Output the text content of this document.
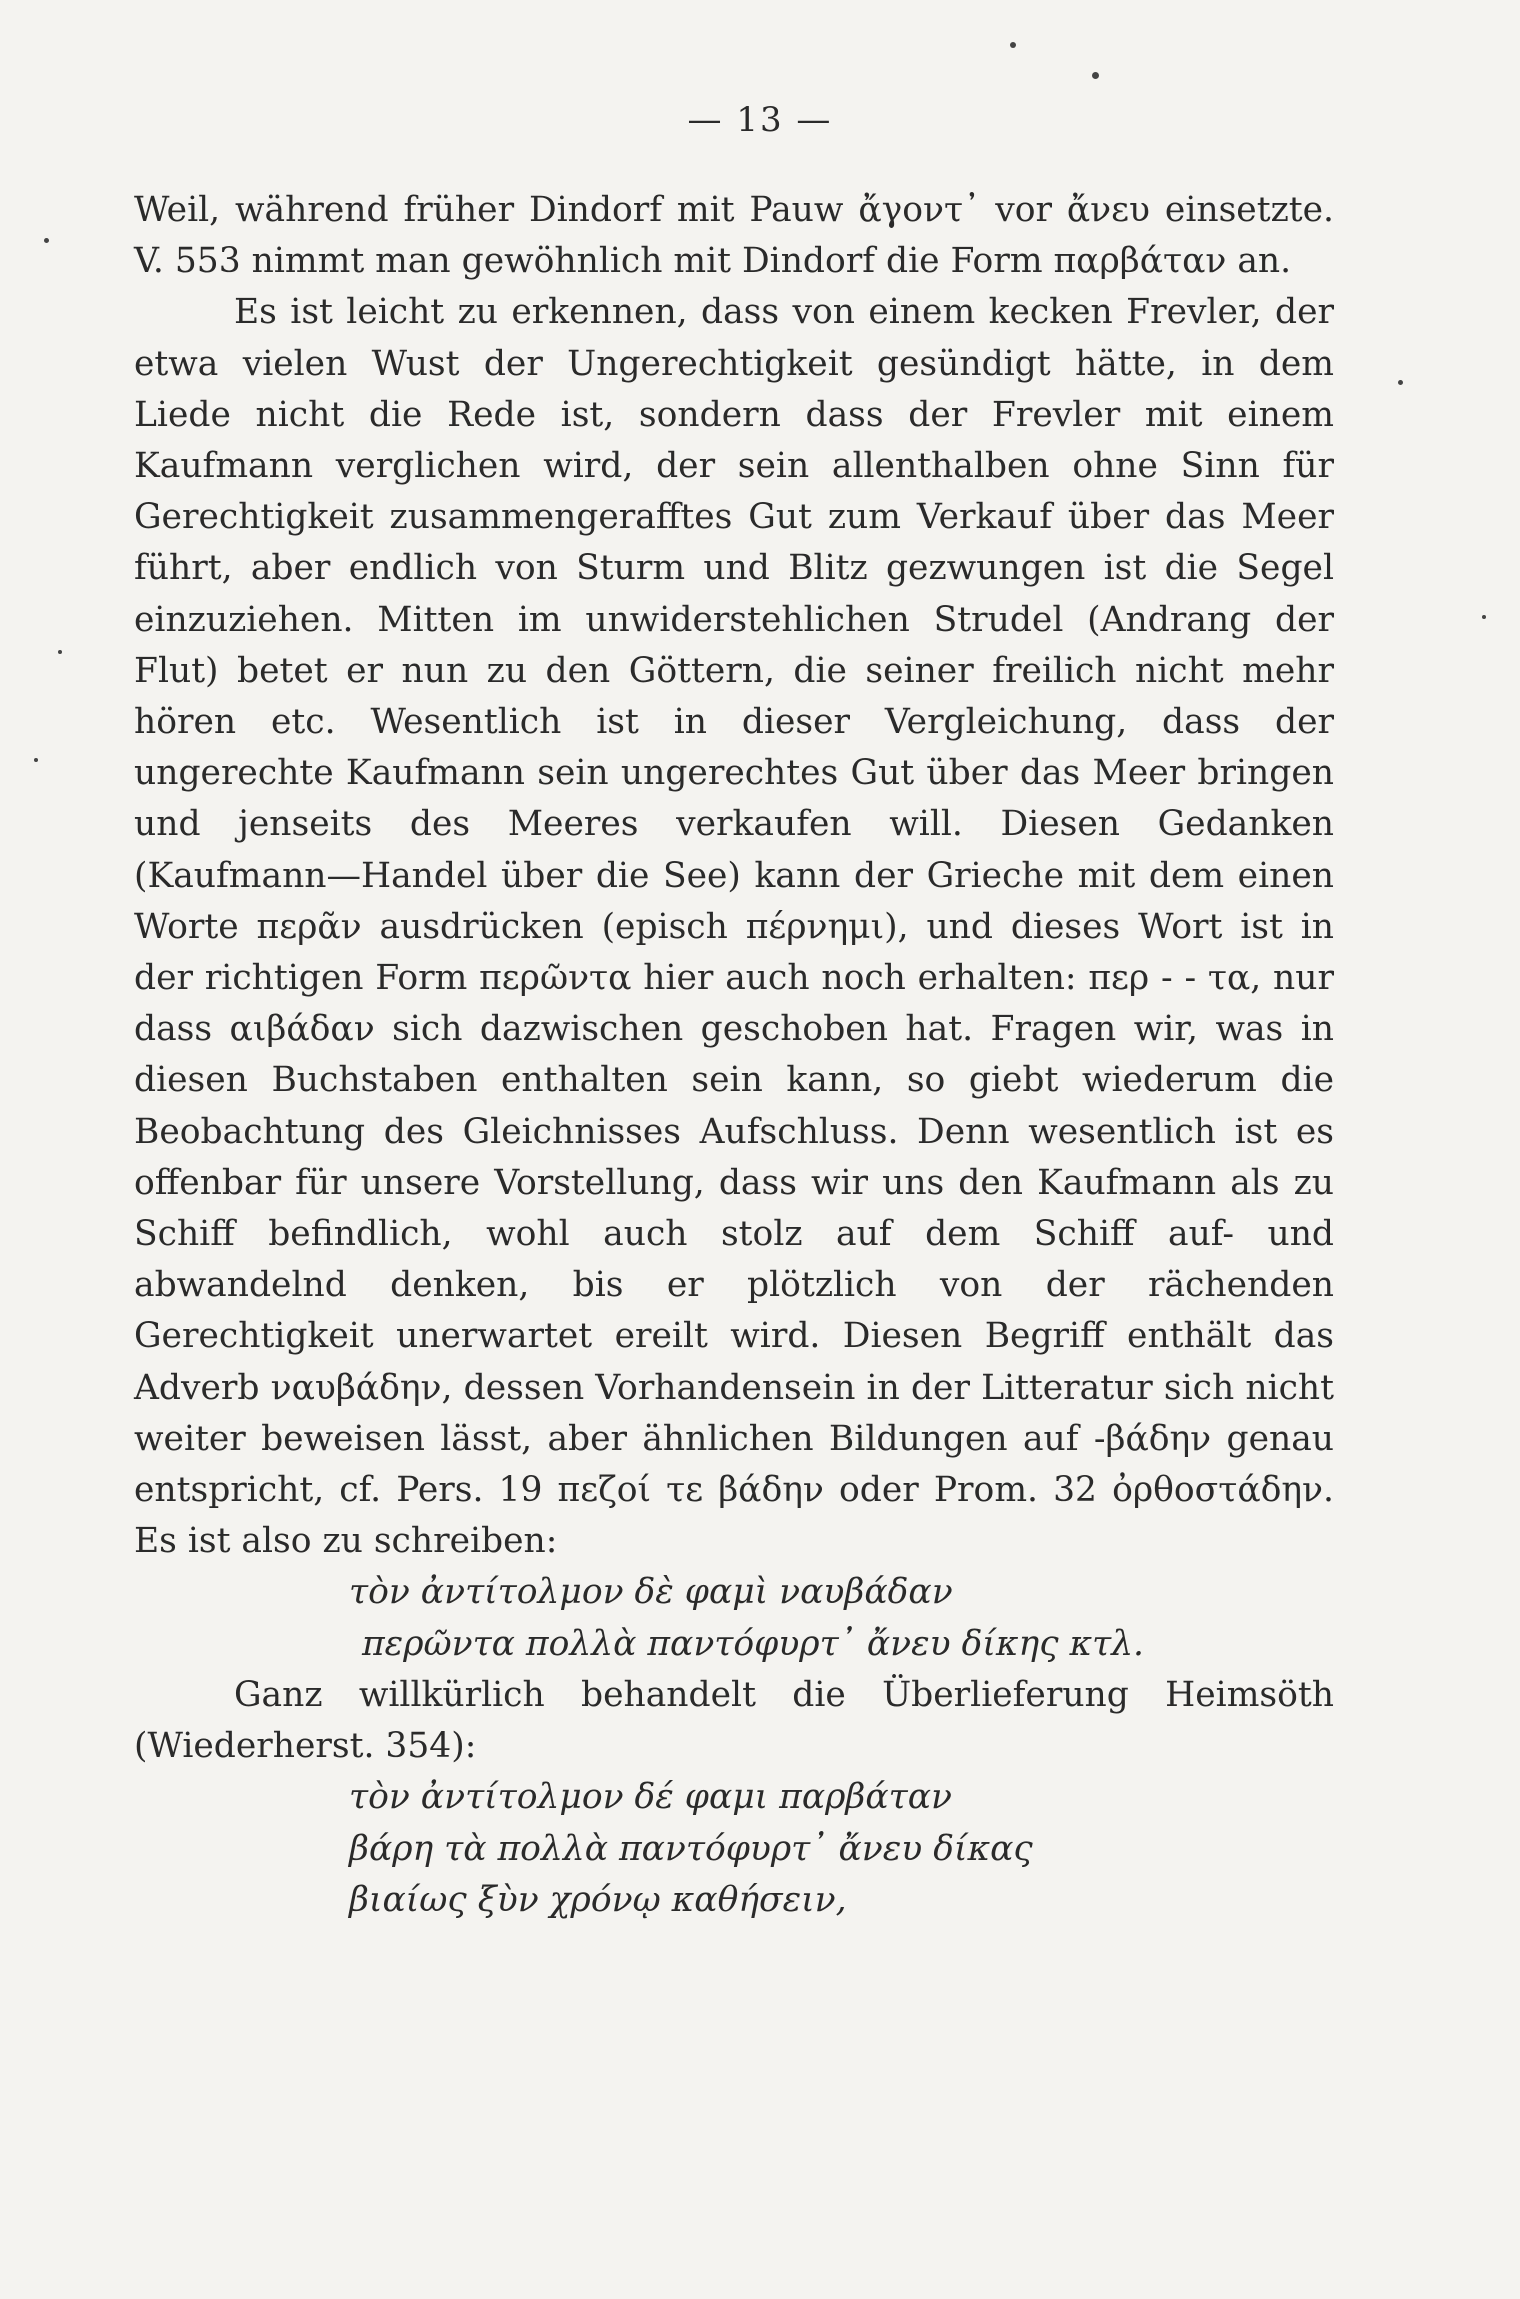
— 13 —

Weil, während früher Dindorf mit Pauw ἄγοντ᾽ vor ἄνευ einsetzte. V. 553 nimmt man gewöhnlich mit Dindorf die Form παρβάταν an.

Es ist leicht zu erkennen, dass von einem kecken Frevler, der etwa vielen Wust der Ungerechtigkeit gesündigt hätte, in dem Liede nicht die Rede ist, sondern dass der Frevler mit einem Kaufmann verglichen wird, der sein allenthalben ohne Sinn für Gerechtigkeit zusammengerafftes Gut zum Verkauf über das Meer führt, aber endlich von Sturm und Blitz gezwungen ist die Segel einzuziehen. Mitten im unwiderstehlichen Strudel (Andrang der Flut) betet er nun zu den Göttern, die seiner freilich nicht mehr hören etc. Wesentlich ist in dieser Vergleichung, dass der ungerechte Kaufmann sein ungerechtes Gut über das Meer bringen und jenseits des Meeres verkaufen will. Diesen Gedanken (Kaufmann—Handel über die See) kann der Grieche mit dem einen Worte περᾶν ausdrücken (episch πέρνημι), und dieses Wort ist in der richtigen Form περῶντα hier auch noch erhalten: περ - - τα, nur dass αιβάδαν sich dazwischen geschoben hat. Fragen wir, was in diesen Buchstaben enthalten sein kann, so giebt wiederum die Beobachtung des Gleichnisses Aufschluss. Denn wesentlich ist es offenbar für unsere Vorstellung, dass wir uns den Kaufmann als zu Schiff befindlich, wohl auch stolz auf dem Schiff auf- und abwandelnd denken, bis er plötzlich von der rächenden Gerechtigkeit unerwartet ereilt wird. Diesen Begriff enthält das Adverb ναυβάδην, dessen Vorhandensein in der Litteratur sich nicht weiter beweisen lässt, aber ähnlichen Bildungen auf -βάδην genau entspricht, cf. Pers. 19 πεζοί τε βάδην oder Prom. 32 ὀρθοστάδην. Es ist also zu schreiben:

τὸν ἀντίτολμον δὲ φαμὶ ναυβάδαν

περῶντα πολλὰ παντόφυρτ᾽ ἄνευ δίκης κτλ.

Ganz willkürlich behandelt die Überlieferung Heimsöth (Wiederherst. 354):

τὸν ἀντίτολμον δέ φαμι παρβάταν

βάρη τὰ πολλὰ παντόφυρτ᾽ ἄνευ δίκας

βιαίως ξὺν χρόνῳ καθήσειν,
